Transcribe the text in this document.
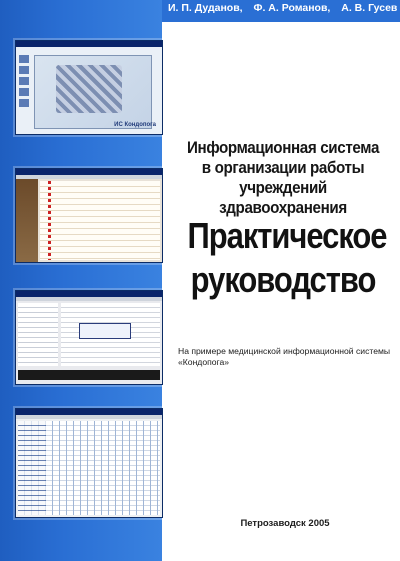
И. П. Дуданов, Ф. А. Романов, А. В. Гусев
ИС Кондопога
Информационная система
в организации работы
учреждений здравоохранения
Практическое
руководство
На примере медицинской информационной системы
«Кондопога»
Петрозаводск 2005
